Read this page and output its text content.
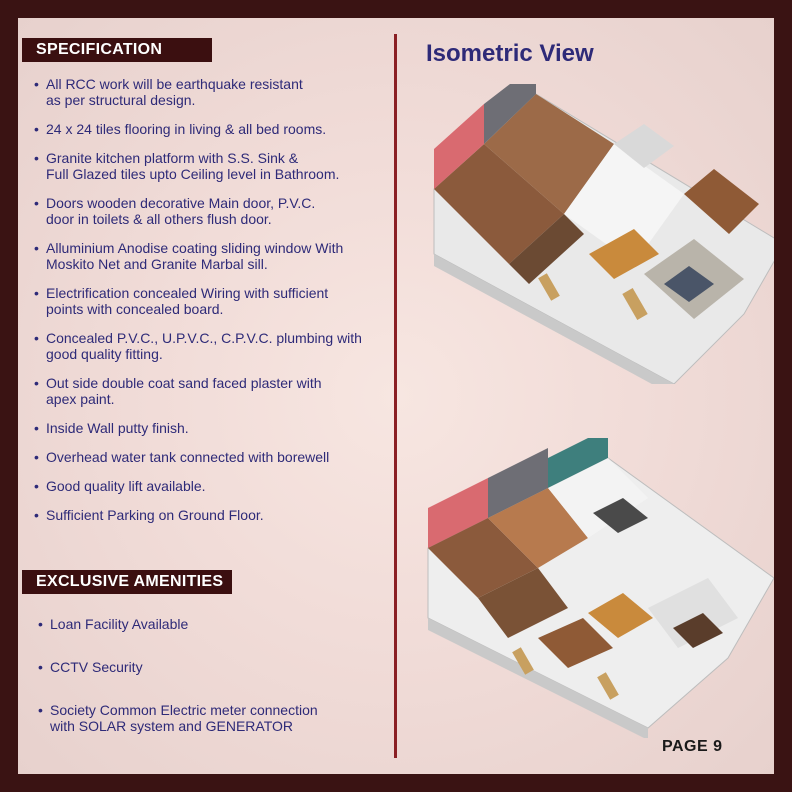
SPECIFICATION
• All RCC work will be earthquake resistant
as per structural design.
• 24 x 24 tiles flooring in living & all bed rooms.
• Granite kitchen platform with S.S. Sink &
Full Glazed tiles upto Ceiling level in Bathroom.
• Doors wooden decorative Main door, P.V.C.
door in toilets & all others flush door.
• Alluminium Anodise coating sliding window With
Moskito Net and Granite Marbal sill.
• Electrification concealed Wiring with sufficient
points with concealed board.
• Concealed P.V.C., U.P.V.C., C.P.V.C. plumbing with
good quality fitting.
• Out side double coat sand faced plaster with
apex paint.
• Inside Wall putty finish.
• Overhead water tank connected with borewell
• Good quality lift available.
• Sufficient Parking on Ground Floor.
EXCLUSIVE AMENITIES
• Loan Facility Available
• CCTV Security
• Society Common Electric meter connection
with SOLAR system and GENERATOR
Isometric View
PAGE 9
